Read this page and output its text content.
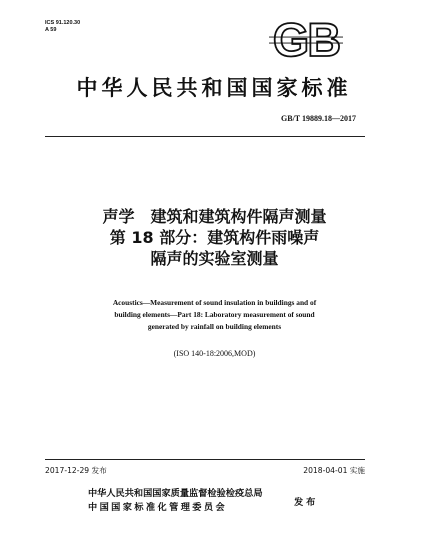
ICS 91.120.30
A 59	GB
中华人民共和国国家标准
GB/T 19889.18—2017
声学　建筑和建筑构件隔声测量
第 18 部分：建筑构件雨噪声
隔声的实验室测量
Acoustics—Measurement of sound insulation in buildings and of
building elements—Part 18: Laboratory measurement of sound
generated by rainfall on building elements
(ISO 140-18:2006,MOD)
2017-12-29 发布	2018-04-01 实施
中华人民共和国国家质量监督检验检疫总局
中国国家标准化管理委员会	发布
